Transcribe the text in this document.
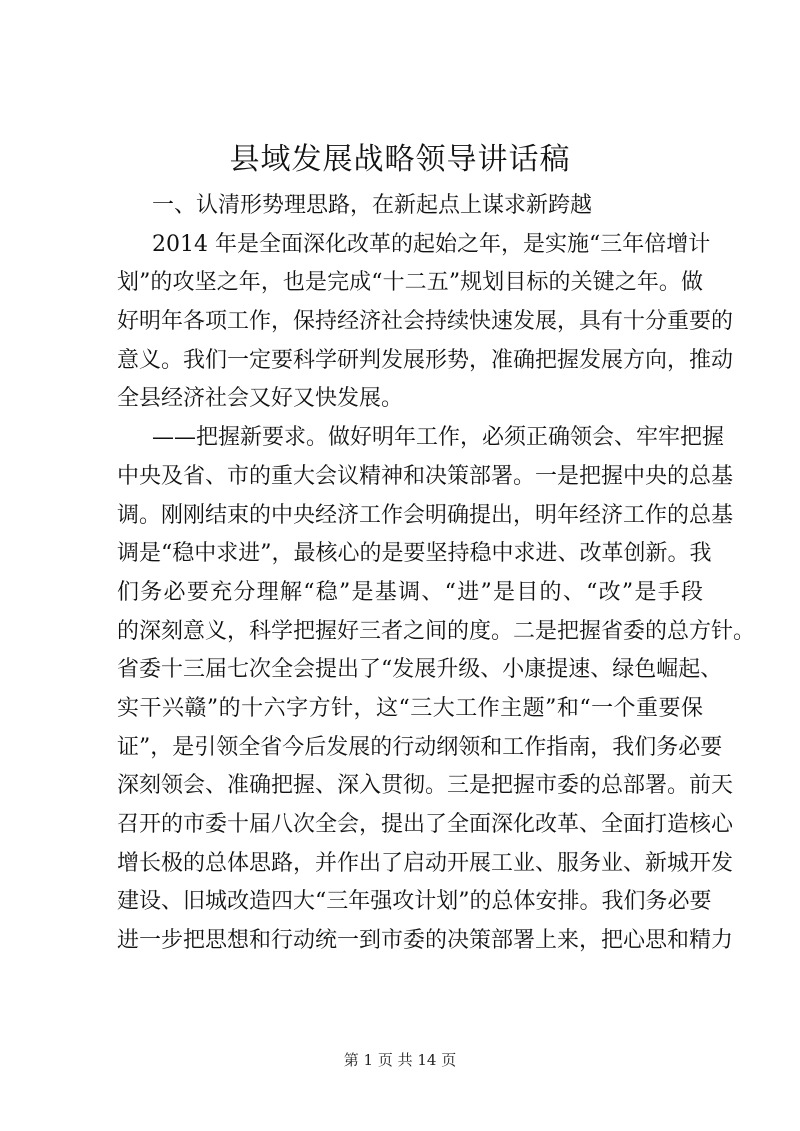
县域发展战略领导讲话稿
一、认清形势理思路，在新起点上谋求新跨越
2014 年是全面深化改革的起始之年，是实施“三年倍增计
划”的攻坚之年，也是完成“十二五”规划目标的关键之年。做
好明年各项工作，保持经济社会持续快速发展，具有十分重要的
意义。我们一定要科学研判发展形势，准确把握发展方向，推动
全县经济社会又好又快发展。
——把握新要求。做好明年工作，必须正确领会、牢牢把握
中央及省、市的重大会议精神和决策部署。一是把握中央的总基
调。刚刚结束的中央经济工作会明确提出，明年经济工作的总基
调是“稳中求进”，最核心的是要坚持稳中求进、改革创新。我
们务必要充分理解“稳”是基调、“进”是目的、“改”是手段
的深刻意义，科学把握好三者之间的度。二是把握省委的总方针。
省委十三届七次全会提出了“发展升级、小康提速、绿色崛起、
实干兴赣”的十六字方针，这“三大工作主题”和“一个重要保
证”，是引领全省今后发展的行动纲领和工作指南，我们务必要
深刻领会、准确把握、深入贯彻。三是把握市委的总部署。前天
召开的市委十届八次全会，提出了全面深化改革、全面打造核心
增长极的总体思路，并作出了启动开展工业、服务业、新城开发
建设、旧城改造四大“三年强攻计划”的总体安排。我们务必要
进一步把思想和行动统一到市委的决策部署上来，把心思和精力
第 1 页 共 14 页
